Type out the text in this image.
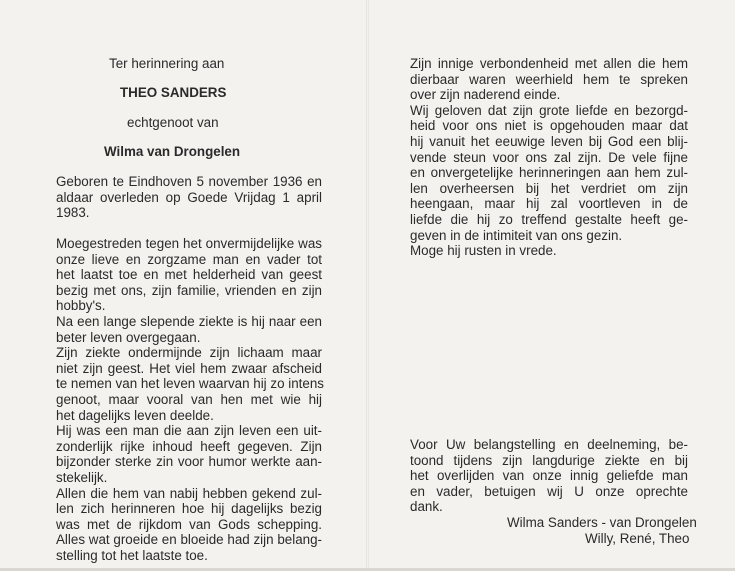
Ter herinnering aan
THEO SANDERS
echtgenoot van
Wilma van Drongelen
Geboren te Eindhoven 5 november 1936 en
aldaar overleden op Goede Vrijdag 1 april
1983.
Moegestreden tegen het onvermijdelijke was
onze lieve en zorgzame man en vader tot
het laatst toe en met helderheid van geest
bezig met ons, zijn familie, vrienden en zijn
hobby's.
Na een lange slepende ziekte is hij naar een
beter leven overgegaan.
Zijn ziekte ondermijnde zijn lichaam maar
niet zijn geest. Het viel hem zwaar afscheid
te nemen van het leven waarvan hij zo intens
genoot, maar vooral van hen met wie hij
het dagelijks leven deelde.
Hij was een man die aan zijn leven een uit-
zonderlijk rijke inhoud heeft gegeven. Zijn
bijzonder sterke zin voor humor werkte aan-
stekelijk.
Allen die hem van nabij hebben gekend zul-
len zich herinneren hoe hij dagelijks bezig
was met de rijkdom van Gods schepping.
Alles wat groeide en bloeide had zijn belang-
stelling tot het laatste toe.
Zijn innige verbondenheid met allen die hem
dierbaar waren weerhield hem te spreken
over zijn naderend einde.
Wij geloven dat zijn grote liefde en bezorgd-
heid voor ons niet is opgehouden maar dat
hij vanuit het eeuwige leven bij God een blij-
vende steun voor ons zal zijn. De vele fijne
en onvergetelijke herinneringen aan hem zul-
len overheersen bij het verdriet om zijn
heengaan, maar hij zal voortleven in de
liefde die hij zo treffend gestalte heeft ge-
geven in de intimiteit van ons gezin.
Moge hij rusten in vrede.
Voor Uw belangstelling en deelneming, be-
toond tijdens zijn langdurige ziekte en bij
het overlijden van onze innig geliefde man
en vader, betuigen wij U onze oprechte
dank.
Wilma Sanders - van Drongelen
Willy, René, Theo
